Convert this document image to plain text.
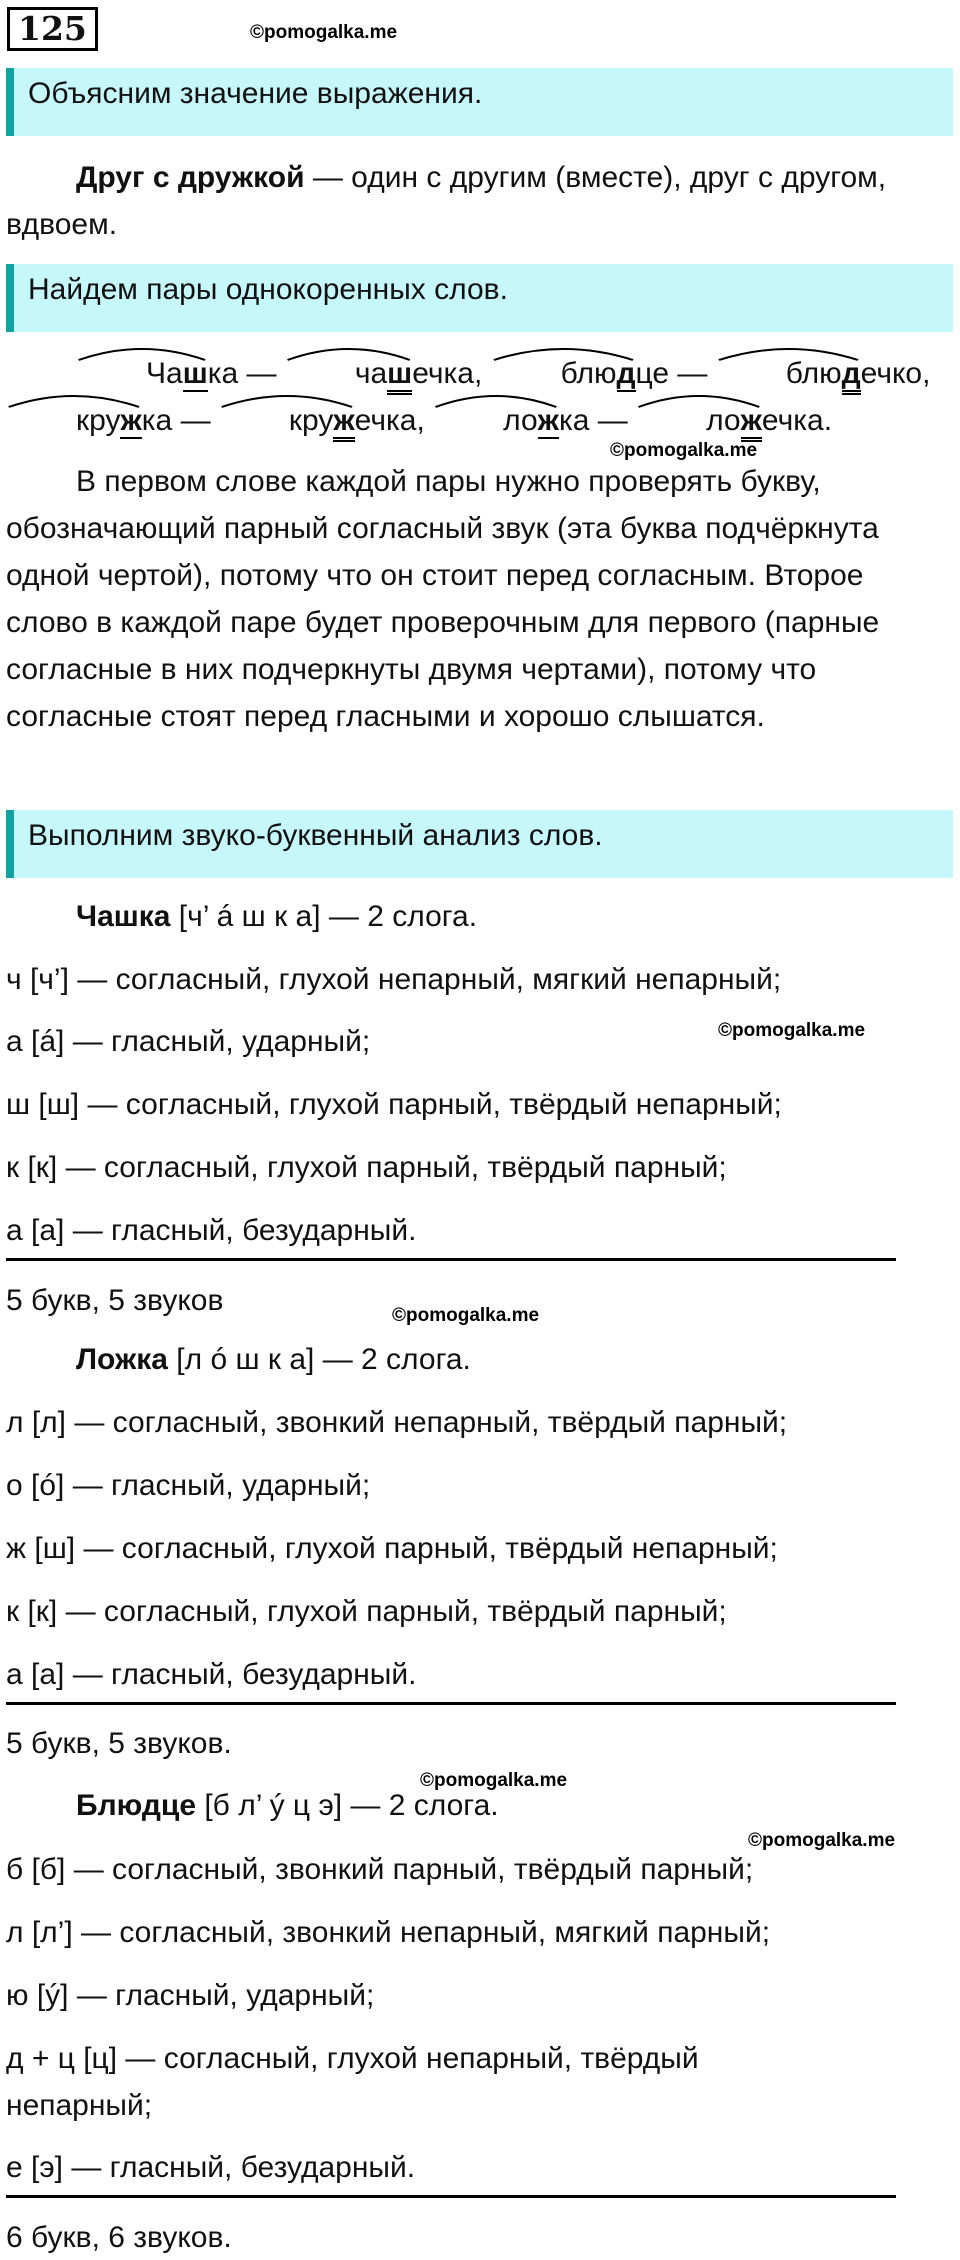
125	©pomogalka.me
Объясним значение выражения.

Друг с дружкой — один с другим (вместе), друг с другом, вдвоем.

Найдем пары однокоренных слов.

Чашка —
чашечка,
блюдце —
блюдечко,
кружка —
кружечка,
ложка —
ложечка.

©pomogalka.me

В первом слове каждой пары нужно проверять букву, обозначающий парный согласный звук (эта буква подчёркнута одной чертой), потому что он стоит перед согласным. Второе слово в каждой паре будет проверочным для первого (парные согласные в них подчеркнуты двумя чертами), потому что согласные стоят перед гласными и хорошо слышатся.

Выполним звуко-буквенный анализ слов.
Чашка [ч’ á ш к а] — 2 слога.
ч [ч’] — согласный, глухой непарный, мягкий непарный;
а [á] — гласный, ударный;	©pomogalka.me
ш [ш] — согласный, глухой парный, твёрдый непарный;
к [к] — согласный, глухой парный, твёрдый парный;
а [а] — гласный, безударный.
5 букв, 5 звуков	©pomogalka.me
Ложка [л ó ш к а] — 2 слога.
л [л] — согласный, звонкий непарный, твёрдый парный;
о [ó] — гласный, ударный;
ж [ш] — согласный, глухой парный, твёрдый непарный;
к [к] — согласный, глухой парный, твёрдый парный;
а [а] — гласный, безударный.
5 букв, 5 звуков.
©pomogalka.me
Блюдце [б л’ ý ц э] — 2 слога.
©pomogalka.me
б [б] — согласный, звонкий парный, твёрдый парный;
л [л’] — согласный, звонкий непарный, мягкий парный;
ю [ý] — гласный, ударный;
д + ц [ц] — согласный, глухой непарный, твёрдый
непарный;
е [э] — гласный, безударный.
6 букв, 6 звуков.
